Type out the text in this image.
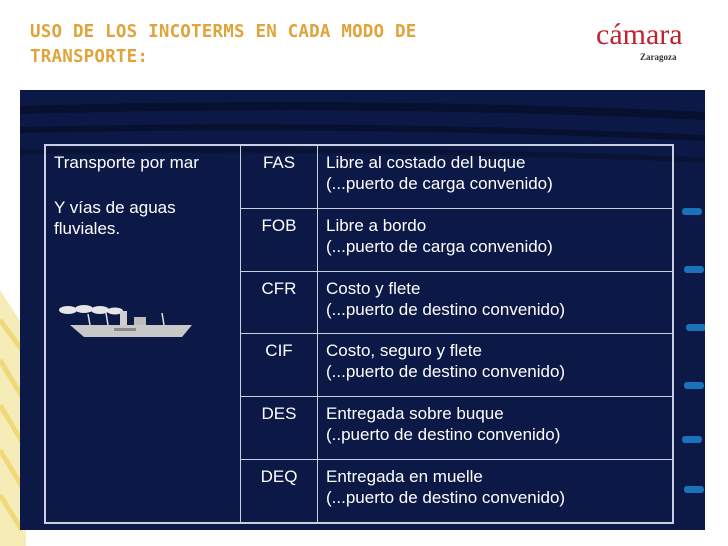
USO DE LOS INCOTERMS EN CADA MODO DE
TRANSPORTE:
cámara
Zaragoza
Transporte por mar
Y vías de aguas fluviales.	FAS	Libre al costado del buque
(...puerto de carga convenido)

	FOB	Libre a bordo
(...puerto de carga convenido)

	CFR	Costo y flete
(...puerto de destino convenido)

	CIF	Costo, seguro y flete
(...puerto de destino convenido)

	DES	Entregada sobre buque
(..puerto de destino convenido)

	DEQ	Entregada en muelle
(...puerto de destino convenido)
